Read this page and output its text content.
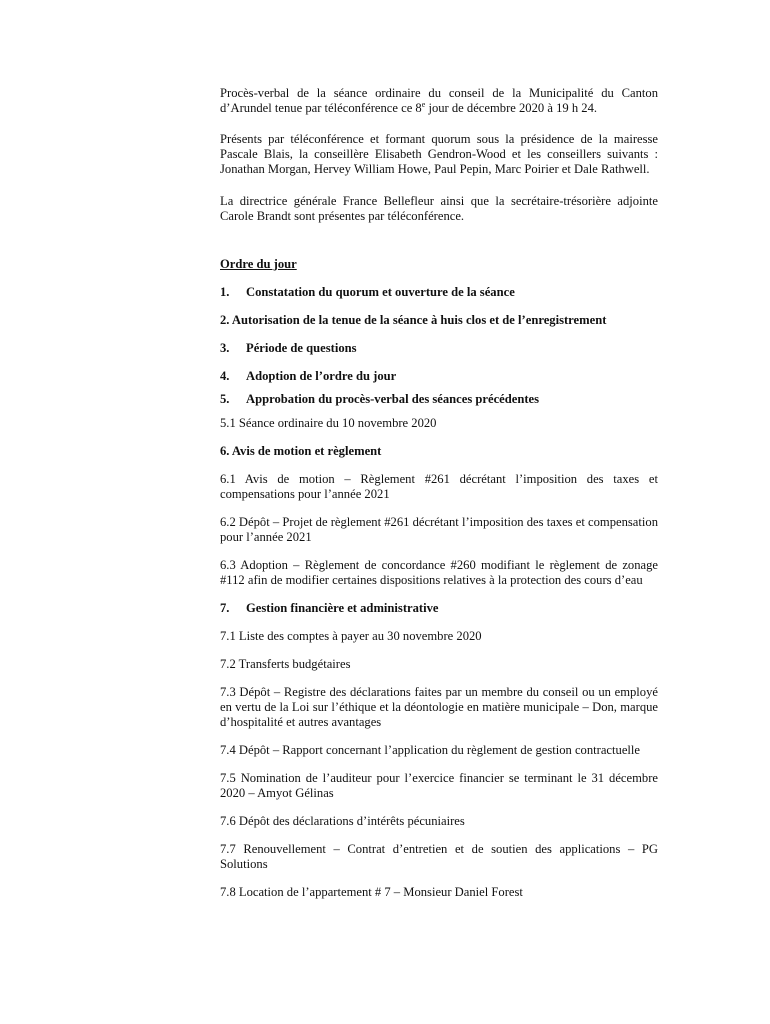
Procès-verbal de la séance ordinaire du conseil de la Municipalité du Canton d’Arundel tenue par téléconférence ce 8e jour de décembre 2020 à 19 h 24.

Présents par téléconférence et formant quorum sous la présidence de la mairesse Pascale Blais, la conseillère Elisabeth Gendron-Wood et les conseillers suivants : Jonathan Morgan, Hervey William Howe, Paul Pepin, Marc Poirier et Dale Rathwell.

La directrice générale France Bellefleur ainsi que la secrétaire-trésorière adjointe Carole Brandt sont présentes par téléconférence.

Ordre du jour

1. Constatation du quorum et ouverture de la séance

2. Autorisation de la tenue de la séance à huis clos et de l’enregistrement

3. Période de questions

4. Adoption de l’ordre du jour

5. Approbation du procès-verbal des séances précédentes

5.1 Séance ordinaire du 10 novembre 2020

6. Avis de motion et règlement

6.1 Avis de motion – Règlement #261 décrétant l’imposition des taxes et compensations pour l’année 2021

6.2 Dépôt – Projet de règlement #261 décrétant l’imposition des taxes et compensation pour l’année 2021

6.3 Adoption – Règlement de concordance #260 modifiant le règlement de zonage #112 afin de modifier certaines dispositions relatives à la protection des cours d’eau

7. Gestion financière et administrative

7.1 Liste des comptes à payer au 30 novembre 2020

7.2 Transferts budgétaires

7.3 Dépôt – Registre des déclarations faites par un membre du conseil ou un employé en vertu de la Loi sur l’éthique et la déontologie en matière municipale – Don, marque d’hospitalité et autres avantages

7.4 Dépôt – Rapport concernant l’application du règlement de gestion contractuelle

7.5 Nomination de l’auditeur pour l’exercice financier se terminant le 31 décembre 2020 – Amyot Gélinas

7.6 Dépôt des déclarations d’intérêts pécuniaires

7.7 Renouvellement – Contrat d’entretien et de soutien des applications – PG Solutions

7.8 Location de l’appartement # 7 – Monsieur Daniel Forest
